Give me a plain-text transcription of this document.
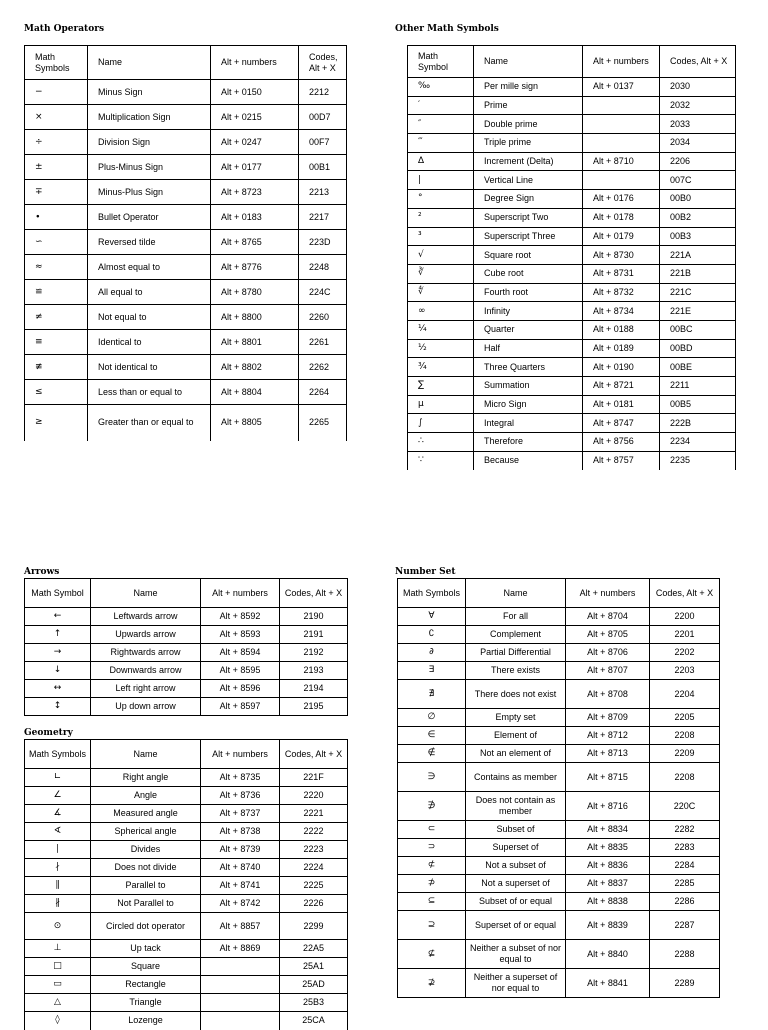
Math Operators
Math Symbols	Name	Alt + numbers	Codes, Alt + X
−	Minus Sign	Alt + 0150	2212
×	Multiplication Sign	Alt + 0215	00D7
÷	Division Sign	Alt + 0247	00F7
±	Plus-Minus Sign	Alt + 0177	00B1
∓	Minus-Plus Sign	Alt + 8723	2213
∙	Bullet Operator	Alt + 0183	2217
∽	Reversed tilde	Alt + 8765	223D
≈	Almost equal to	Alt + 8776	2248
≌	All equal to	Alt + 8780	224C
≠	Not equal to	Alt + 8800	2260
≡	Identical to	Alt + 8801	2261
≢	Not identical to	Alt + 8802	2262
≤	Less than or equal to	Alt + 8804	2264
≥	Greater than or equal to	Alt + 8805	2265
Other Math Symbols
Math Symbol	Name	Alt + numbers	Codes, Alt + X
‰	Per mille sign	Alt + 0137	2030
′	Prime		2032
″	Double prime		2033
‴	Triple prime		2034
∆	Increment (Delta)	Alt + 8710	2206
|	Vertical Line		007C
°	Degree Sign	Alt + 0176	00B0
²	Superscript Two	Alt + 0178	00B2
³	Superscript Three	Alt + 0179	00B3
√	Square root	Alt + 8730	221A
∛	Cube root	Alt + 8731	221B
∜	Fourth root	Alt + 8732	221C
∞	Infinity	Alt + 8734	221E
¼	Quarter	Alt + 0188	00BC
½	Half	Alt + 0189	00BD
¾	Three Quarters	Alt + 0190	00BE
∑	Summation	Alt + 8721	2211
µ	Micro Sign	Alt + 0181	00B5
∫	Integral	Alt + 8747	222B
∴	Therefore	Alt + 8756	2234
∵	Because	Alt + 8757	2235
Arrows
Math Symbol	Name	Alt + numbers	Codes, Alt + X
←	Leftwards arrow	Alt + 8592	2190
↑	Upwards arrow	Alt + 8593	2191
→	Rightwards arrow	Alt + 8594	2192
↓	Downwards arrow	Alt + 8595	2193
↔	Left right arrow	Alt + 8596	2194
↕	Up down arrow	Alt + 8597	2195
Geometry
Math Symbols	Name	Alt + numbers	Codes, Alt + X
∟	Right angle	Alt + 8735	221F
∠	Angle	Alt + 8736	2220
∡	Measured angle	Alt + 8737	2221
∢	Spherical angle	Alt + 8738	2222
∣	Divides	Alt + 8739	2223
∤	Does not divide	Alt + 8740	2224
∥	Parallel to	Alt + 8741	2225
∦	Not Parallel to	Alt + 8742	2226
⊙	Circled dot operator	Alt + 8857	2299
⊥	Up tack	Alt + 8869	22A5
□	Square		25A1
▭	Rectangle		25AD
△	Triangle		25B3
◊	Lozenge		25CA
Number Set
Math Symbols	Name	Alt + numbers	Codes, Alt + X
∀	For all	Alt + 8704	2200
∁	Complement	Alt + 8705	2201
∂	Partial Differential	Alt + 8706	2202
∃	There exists	Alt + 8707	2203
∄	There does not exist	Alt + 8708	2204
∅	Empty set	Alt + 8709	2205
∈	Element of	Alt + 8712	2208
∉	Not an element of	Alt + 8713	2209
∋	Contains as member	Alt + 8715	2208
∌	Does not contain as member	Alt + 8716	220C
⊂	Subset of	Alt + 8834	2282
⊃	Superset of	Alt + 8835	2283
⊄	Not a subset of	Alt + 8836	2284
⊅	Not a superset of	Alt + 8837	2285
⊆	Subset of or equal	Alt + 8838	2286
⊇	Superset of or equal	Alt + 8839	2287
⊈	Neither a subset of nor equal to	Alt + 8840	2288
⊉	Neither a superset of nor equal to	Alt + 8841	2289
